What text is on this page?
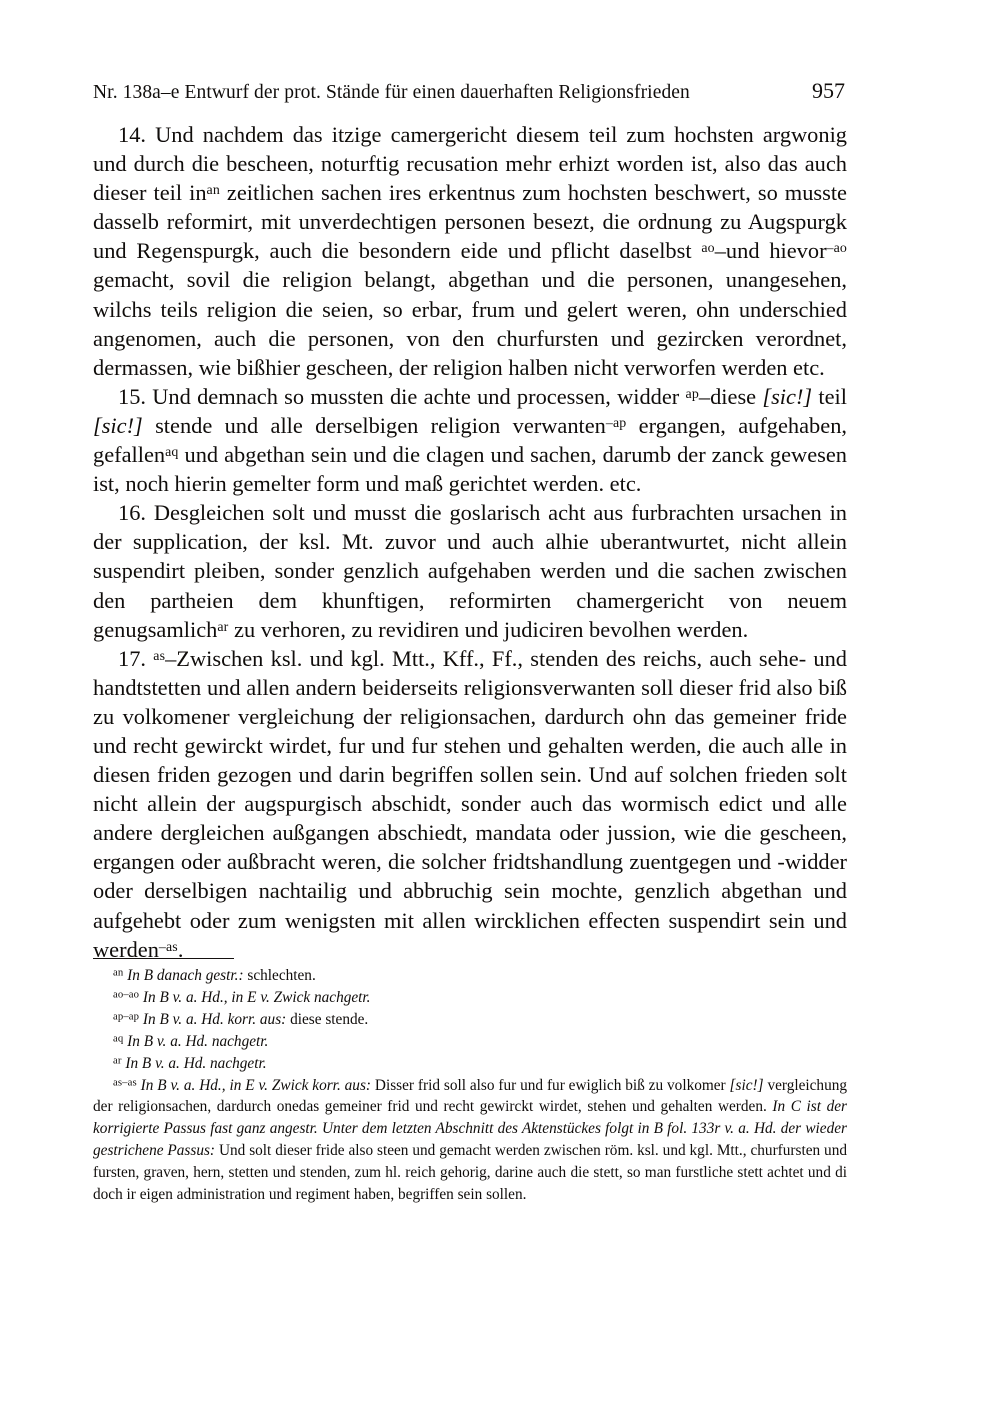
Nr. 138a–e Entwurf der prot. Stände für einen dauerhaften Religionsfrieden	957

14. Und nachdem das itzige camergericht diesem teil zum hochsten argwonig und durch die bescheen, noturftig recusation mehr erhizt worden ist, also das auch dieser teil $in^{an}$ zeitlichen sachen ires erkentnus zum hochsten beschwert, so musste dasselb reformirt, mit unverdechtigen personen besezt, die ordnung zu Augspurgk und Regenspurgk, auch die besondern eide und pflicht daselbst $^{ao}$–und hievor$^{-ao}$ gemacht, sovil die religion belangt, abgethan und die personen, unangesehen, wilchs teils religion die seien, so erbar, frum und gelert weren, ohn underschied angenomen, auch die personen, von den churfursten und gezircken verordnet, dermassen, wie bißhier gescheen, der religion halben nicht verworfen werden etc.

15. Und demnach so mussten die achte und processen, widder $^{ap}$–diese [sic!] teil [sic!] stende und alle derselbigen religion verwanten$^{-ap}$ ergangen, aufgehaben, gefallen$^{aq}$ und abgethan sein und die clagen und sachen, darumb der zanck gewesen ist, noch hierin gemelter form und maß gerichtet werden. etc.

16. Desgleichen solt und musst die goslarisch acht aus furbrachten ursachen in der supplication, der ksl. Mt. zuvor und auch alhie uberantwurtet, nicht allein suspendirt pleiben, sonder genzlich aufgehaben werden und die sachen zwischen den partheien dem khunftigen, reformirten chamergericht von neuem genugsamlich$^{ar}$ zu verhoren, zu revidiren und judiciren bevolhen werden.

17. $^{as}$–Zwischen ksl. und kgl. Mtt., Kff., Ff., stenden des reichs, auch sehe- und handtstetten und allen andern beiderseits religionsverwanten soll dieser frid also biß zu volkomener vergleichung der religionsachen, dardurch ohn das gemeiner fride und recht gewirckt wirdet, fur und fur stehen und gehalten werden, die auch alle in diesen friden gezogen und darin begriffen sollen sein. Und auf solchen frieden solt nicht allein der augspurgisch abschidt, sonder auch das wormisch edict und alle andere dergleichen außgangen abschiedt, mandata oder jussion, wie die gescheen, ergangen oder außbracht weren, die solcher fridtshandlung zuentgegen und -widder oder derselbigen nachtailig und abbruchig sein mochte, genzlich abgethan und aufgehebt oder zum wenigsten mit allen wircklichen effecten suspendirt sein und werden$^{-as}$.

$^{an}$ In B danach gestr.: schlechten.
$^{ao-ao}$ In B v. a. Hd., in E v. Zwick nachgetr.
$^{ap-ap}$ In B v. a. Hd. korr. aus: diese stende.
$^{aq}$ In B v. a. Hd. nachgetr.
$^{ar}$ In B v. a. Hd. nachgetr.
$^{as-as}$ In B v. a. Hd., in E v. Zwick korr. aus: Disser frid soll also fur und fur ewiglich biß zu volkomer [sic!] vergleichung der religionsachen, dardurch onedas gemeiner frid und recht gewirckt wirdet, stehen und gehalten werden. In C ist der korrigierte Passus fast ganz angestr. Unter dem letzten Abschnitt des Aktenstückes folgt in B fol. 133r v. a. Hd. der wieder gestrichene Passus: Und solt dieser fride also steen und gemacht werden zwischen röm. ksl. und kgl. Mtt., churfursten und fursten, graven, hern, stetten und stenden, zum hl. reich gehorig, darine auch die stett, so man furstliche stett achtet und di doch ir eigen administration und regiment haben, begriffen sein sollen.
